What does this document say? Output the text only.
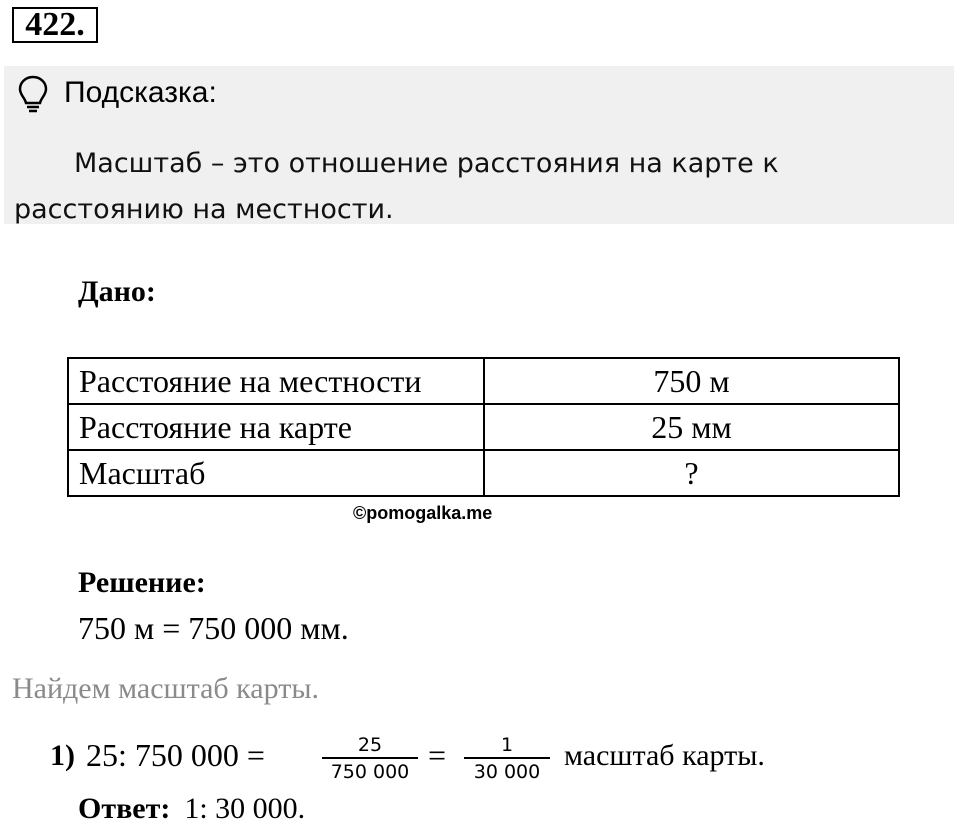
422.
Подсказка:
Масштаб – это отношение расстояния на карте к расстоянию на местности.
Дано:
Расстояние на местности	750 м
Расстояние на карте	25 мм
Масштаб	?
©pomogalka.me
Решение:
750 м = 750 000 мм.
Найдем масштаб карты.
1) 25: 750 000 =	25
750 000 =	1
30 000 масштаб карты.
Ответ: 1: 30 000.
